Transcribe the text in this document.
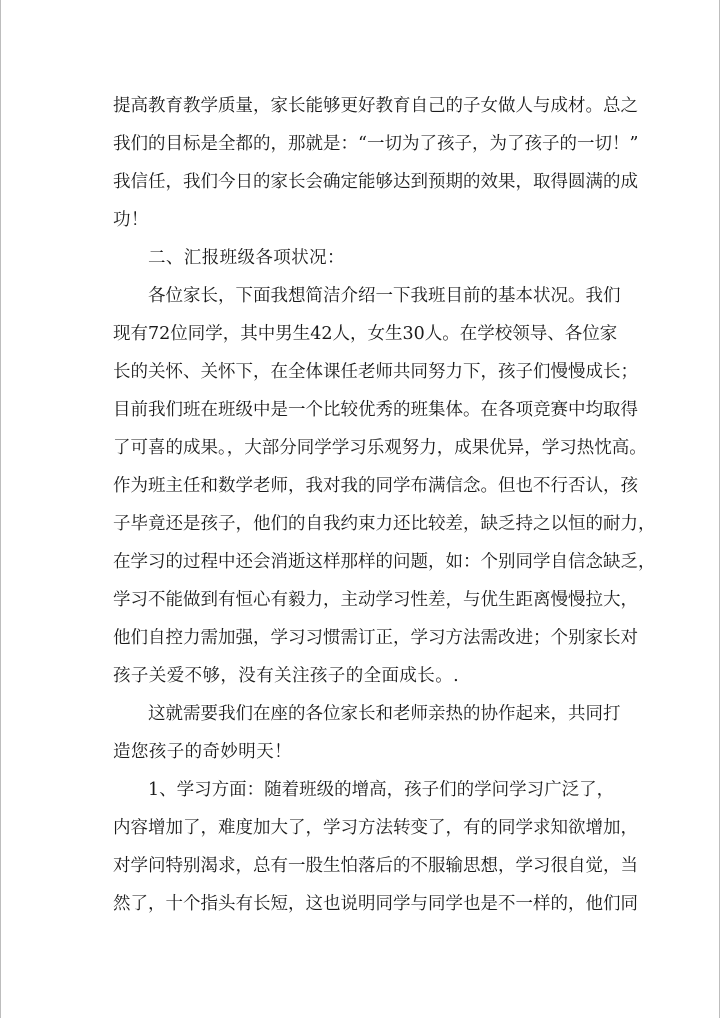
提高教育教学质量，家长能够更好教育自己的子女做人与成材。总之
我们的目标是全都的，那就是：“一切为了孩子，为了孩子的一切！”
我信任，我们今日的家长会确定能够达到预期的效果，取得圆满的成
功！
二、汇报班级各项状况：
各位家长，下面我想简洁介绍一下我班目前的基本状况。我们
现有72位同学，其中男生42人，女生30人。在学校领导、各位家
长的关怀、关怀下，在全体课任老师共同努力下，孩子们慢慢成长；
目前我们班在班级中是一个比较优秀的班集体。在各项竞赛中均取得
了可喜的成果。，大部分同学学习乐观努力，成果优异，学习热忱高。
作为班主任和数学老师，我对我的同学布满信念。但也不行否认，孩
子毕竟还是孩子，他们的自我约束力还比较差，缺乏持之以恒的耐力，
在学习的过程中还会消逝这样那样的问题，如：个别同学自信念缺乏，
学习不能做到有恒心有毅力，主动学习性差，与优生距离慢慢拉大，
他们自控力需加强，学习习惯需订正，学习方法需改进；个别家长对
孩子关爱不够，没有关注孩子的全面成长。.
这就需要我们在座的各位家长和老师亲热的协作起来，共同打
造您孩子的奇妙明天！
1、学习方面：随着班级的增高，孩子们的学问学习广泛了，
内容增加了，难度加大了，学习方法转变了，有的同学求知欲增加，
对学问特别渴求，总有一股生怕落后的不服输思想，学习很自觉，当
然了，十个指头有长短，这也说明同学与同学也是不一样的，他们同
